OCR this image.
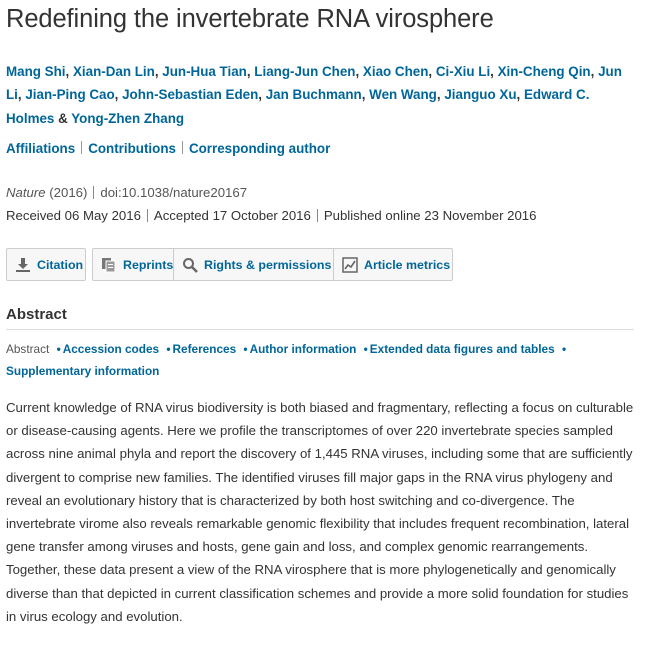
Redefining the invertebrate RNA virosphere
Mang Shi, Xian-Dan Lin, Jun-Hua Tian, Liang-Jun Chen, Xiao Chen, Ci-Xiu Li, Xin-Cheng Qin, Jun Li, Jian-Ping Cao, John-Sebastian Eden, Jan Buchmann, Wen Wang, Jianguo Xu, Edward C. Holmes & Yong-Zhen Zhang
Affiliations Contributions Corresponding author
Nature (2016) doi:10.1038/nature20167
Received 06 May 2016 Accepted 17 October 2016 Published online 23 November 2016
Citation	Reprints Rights & permissions	Article metrics
Abstract
Abstract • Accession codes • References • Author information • Extended data figures and tables •
Supplementary information

Current knowledge of RNA virus biodiversity is both biased and fragmentary, reflecting a focus on culturable or disease-causing agents. Here we profile the transcriptomes of over 220 invertebrate species sampled across nine animal phyla and report the discovery of 1,445 RNA viruses, including some that are sufficiently divergent to comprise new families. The identified viruses fill major gaps in the RNA virus phylogeny and reveal an evolutionary history that is characterized by both host switching and co-divergence. The invertebrate virome also reveals remarkable genomic flexibility that includes frequent recombination, lateral gene transfer among viruses and hosts, gene gain and loss, and complex genomic rearrangements. Together, these data present a view of the RNA virosphere that is more phylogenetically and genomically diverse than that depicted in current classification schemes and provide a more solid foundation for studies in virus ecology and evolution.
